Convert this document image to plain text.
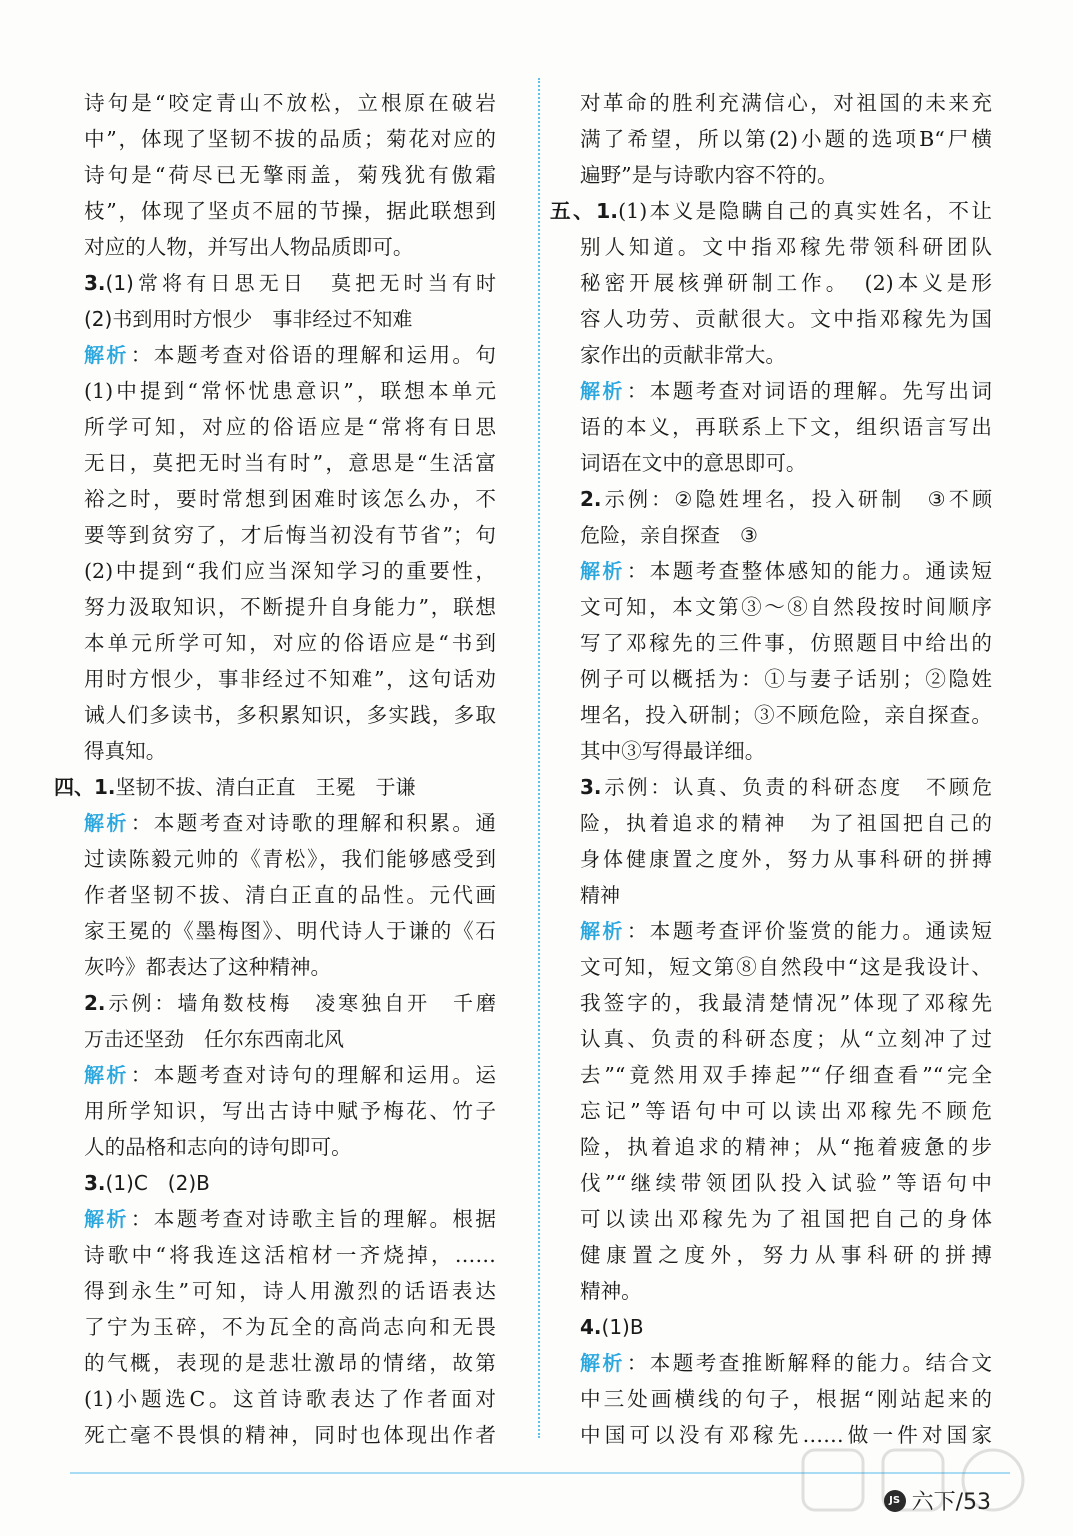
诗句是“咬定青山不放松，立根原在破岩
中”，体现了坚韧不拔的品质；菊花对应的
诗句是“荷尽已无擎雨盖，菊残犹有傲霜
枝”，体现了坚贞不屈的节操，据此联想到
对应的人物，并写出人物品质即可。
3.(1)常将有日思无日　莫把无时当有时
(2)书到用时方恨少　事非经过不知难
解析：本题考查对俗语的理解和运用。句
(1)中提到“常怀忧患意识”，联想本单元
所学可知，对应的俗语应是“常将有日思
无日，莫把无时当有时”，意思是“生活富
裕之时，要时常想到困难时该怎么办，不
要等到贫穷了，才后悔当初没有节省”；句
(2)中提到“我们应当深知学习的重要性，
努力汲取知识，不断提升自身能力”，联想
本单元所学可知，对应的俗语应是“书到
用时方恨少，事非经过不知难”，这句话劝
诫人们多读书，多积累知识，多实践，多取
得真知。
四、1.坚韧不拔、清白正直　王冕　于谦
解析：本题考查对诗歌的理解和积累。通
过读陈毅元帅的《青松》，我们能够感受到
作者坚韧不拔、清白正直的品性。元代画
家王冕的《墨梅图》、明代诗人于谦的《石
灰吟》都表达了这种精神。
2.示例：墙角数枝梅　凌寒独自开　千磨
万击还坚劲　任尔东西南北风
解析：本题考查对诗句的理解和运用。运
用所学知识，写出古诗中赋予梅花、竹子
人的品格和志向的诗句即可。
3.(1)C　(2)B
解析：本题考查对诗歌主旨的理解。根据
诗歌中“将我连这活棺材一齐烧掉，……
得到永生”可知，诗人用激烈的话语表达
了宁为玉碎，不为瓦全的高尚志向和无畏
的气概，表现的是悲壮激昂的情绪，故第
(1)小题选C。这首诗歌表达了作者面对
死亡毫不畏惧的精神，同时也体现出作者
对革命的胜利充满信心，对祖国的未来充
满了希望，所以第(2)小题的选项B“尸横
遍野”是与诗歌内容不符的。
五、1.(1)本义是隐瞒自己的真实姓名，不让
别人知道。文中指邓稼先带领科研团队
秘密开展核弹研制工作。　(2)本义是形
容人功劳、贡献很大。文中指邓稼先为国
家作出的贡献非常大。
解析：本题考查对词语的理解。先写出词
语的本义，再联系上下文，组织语言写出
词语在文中的意思即可。
2.示例：②隐姓埋名，投入研制　③不顾
危险，亲自探查　③
解析：本题考查整体感知的能力。通读短
文可知，本文第③～⑧自然段按时间顺序
写了邓稼先的三件事，仿照题目中给出的
例子可以概括为：①与妻子话别；②隐姓
埋名，投入研制；③不顾危险，亲自探查。
其中③写得最详细。
3.示例：认真、负责的科研态度　不顾危
险，执着追求的精神　为了祖国把自己的
身体健康置之度外，努力从事科研的拼搏
精神
解析：本题考查评价鉴赏的能力。通读短
文可知，短文第⑧自然段中“这是我设计、
我签字的，我最清楚情况”体现了邓稼先
认真、负责的科研态度；从“立刻冲了过
去”“竟然用双手捧起”“仔细查看”“完全
忘记”等语句中可以读出邓稼先不顾危
险，执着追求的精神；从“拖着疲惫的步
伐”“继续带领团队投入试验”等语句中
可以读出邓稼先为了祖国把自己的身体
健康置之度外，努力从事科研的拼搏
精神。
4.(1)B
解析：本题考查推断解释的能力。结合文
中三处画横线的句子，根据“刚站起来的
中国可以没有邓稼先……做一件对国家
JS 六下/53
